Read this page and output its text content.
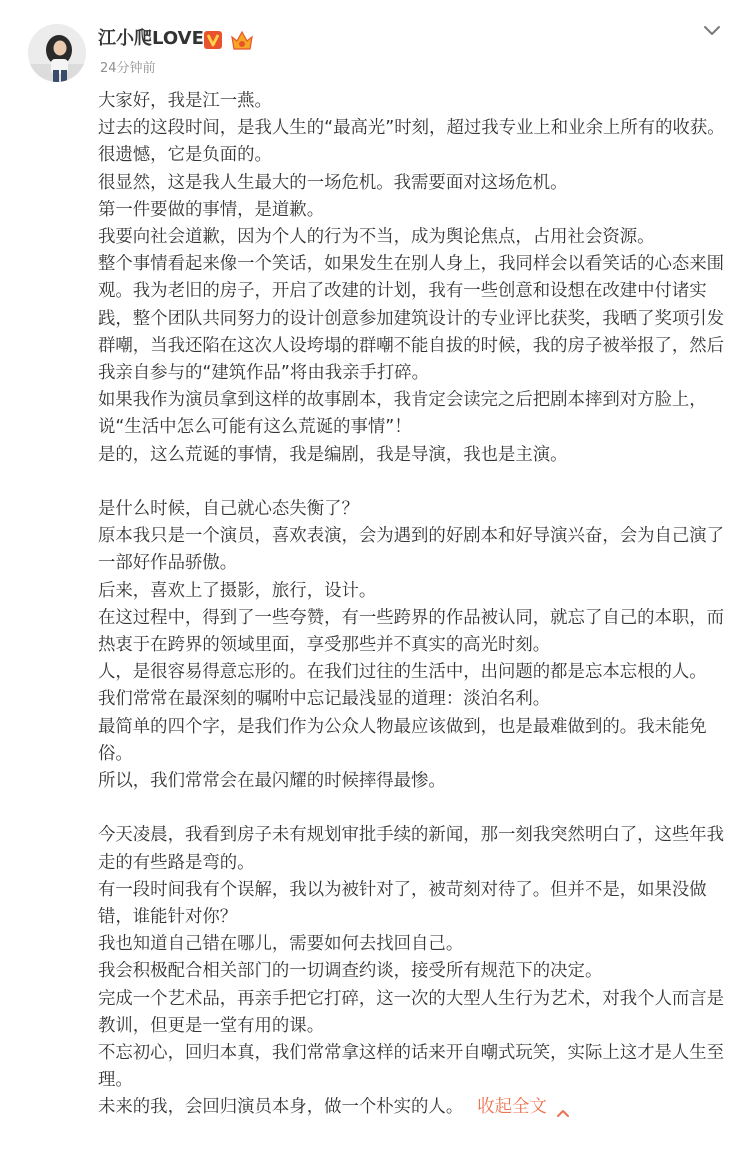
江小爬LOVE
24分钟前

大家好，我是江一燕。

过去的这段时间，是我人生的“最高光”时刻，超过我专业上和业余上所有的收获。

很遗憾，它是负面的。

很显然，这是我人生最大的一场危机。我需要面对这场危机。

第一件要做的事情，是道歉。

我要向社会道歉，因为个人的行为不当，成为舆论焦点，占用社会资源。

整个事情看起来像一个笑话，如果发生在别人身上，我同样会以看笑话的心态来围观。我为老旧的房子，开启了改建的计划，我有一些创意和设想在改建中付诸实践，整个团队共同努力的设计创意参加建筑设计的专业评比获奖，我晒了奖项引发群嘲，当我还陷在这次人设垮塌的群嘲不能自拔的时候，我的房子被举报了，然后我亲自参与的“建筑作品”将由我亲手打碎。

如果我作为演员拿到这样的故事剧本，我肯定会读完之后把剧本摔到对方脸上，说“生活中怎么可能有这么荒诞的事情”！

是的，这么荒诞的事情，我是编剧，我是导演，我也是主演。

是什么时候，自己就心态失衡了？

原本我只是一个演员，喜欢表演，会为遇到的好剧本和好导演兴奋，会为自己演了一部好作品骄傲。

后来，喜欢上了摄影，旅行，设计。

在这过程中，得到了一些夸赞，有一些跨界的作品被认同，就忘了自己的本职，而热衷于在跨界的领域里面，享受那些并不真实的高光时刻。

人，是很容易得意忘形的。在我们过往的生活中，出问题的都是忘本忘根的人。

我们常常在最深刻的嘱咐中忘记最浅显的道理：淡泊名利。

最简单的四个字，是我们作为公众人物最应该做到，也是最难做到的。我未能免俗。

所以，我们常常会在最闪耀的时候摔得最惨。

今天凌晨，我看到房子未有规划审批手续的新闻，那一刻我突然明白了，这些年我走的有些路是弯的。

有一段时间我有个误解，我以为被针对了，被苛刻对待了。但并不是，如果没做错，谁能针对你？

我也知道自己错在哪儿，需要如何去找回自己。

我会积极配合相关部门的一切调查约谈，接受所有规范下的决定。

完成一个艺术品，再亲手把它打碎，这一次的大型人生行为艺术，对我个人而言是教训，但更是一堂有用的课。

不忘初心，回归本真，我们常常拿这样的话来开自嘲式玩笑，实际上这才是人生至理。

未来的我，会回归演员本身，做一个朴实的人。 收起全文
